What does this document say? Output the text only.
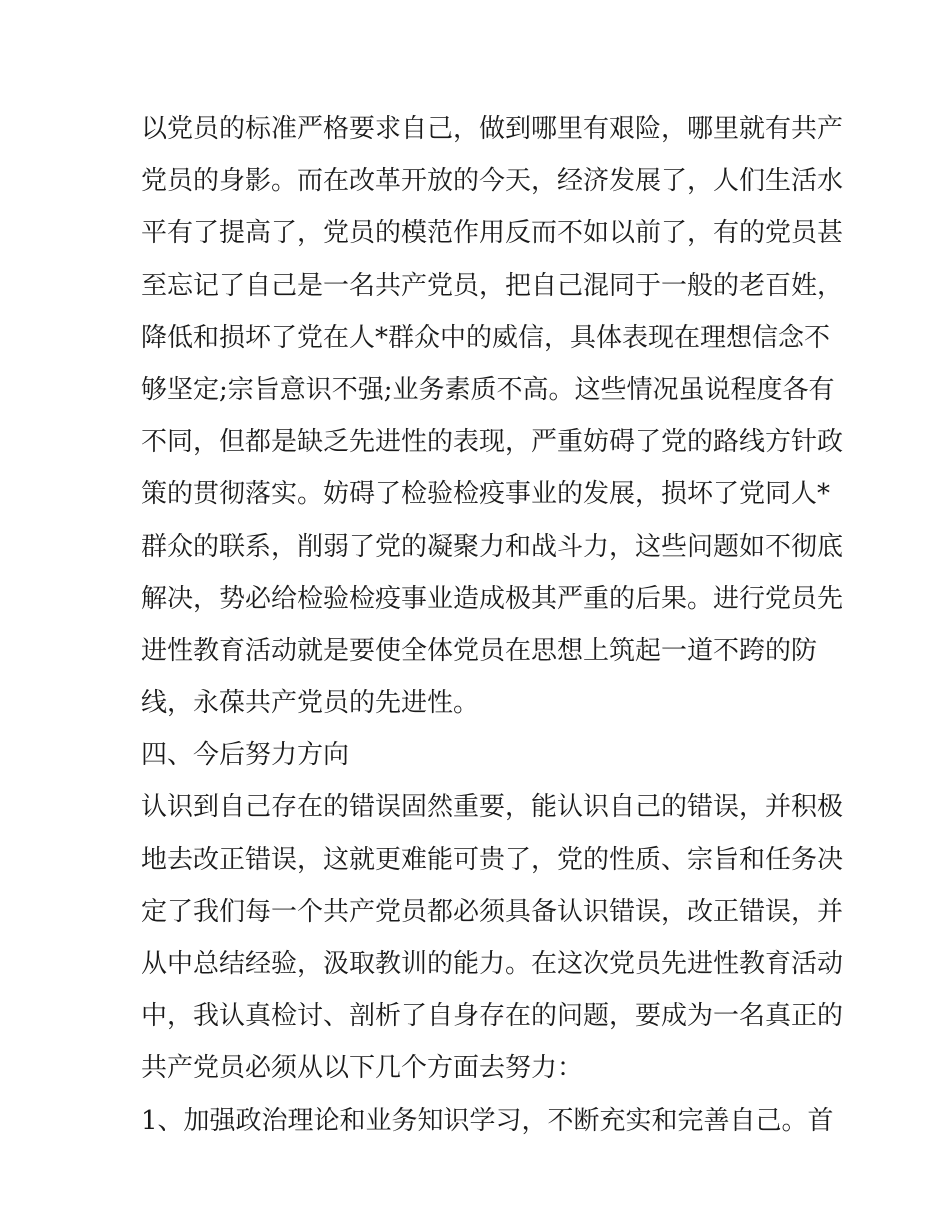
以党员的标准严格要求自己，做到哪里有艰险，哪里就有共产
党员的身影。而在改革开放的今天，经济发展了，人们生活水
平有了提高了，党员的模范作用反而不如以前了，有的党员甚
至忘记了自己是一名共产党员，把自己混同于一般的老百姓，
降低和损坏了党在人*群众中的威信，具体表现在理想信念不
够坚定;宗旨意识不强;业务素质不高。这些情况虽说程度各有
不同，但都是缺乏先进性的表现，严重妨碍了党的路线方针政
策的贯彻落实。妨碍了检验检疫事业的发展，损坏了党同人*
群众的联系，削弱了党的凝聚力和战斗力，这些问题如不彻底
解决，势必给检验检疫事业造成极其严重的后果。进行党员先
进性教育活动就是要使全体党员在思想上筑起一道不跨的防
线，永葆共产党员的先进性。
四、今后努力方向
认识到自己存在的错误固然重要，能认识自己的错误，并积极
地去改正错误，这就更难能可贵了，党的性质、宗旨和任务决
定了我们每一个共产党员都必须具备认识错误，改正错误，并
从中总结经验，汲取教训的能力。在这次党员先进性教育活动
中，我认真检讨、剖析了自身存在的问题，要成为一名真正的
共产党员必须从以下几个方面去努力：
1、加强政治理论和业务知识学习，不断充实和完善自己。首
